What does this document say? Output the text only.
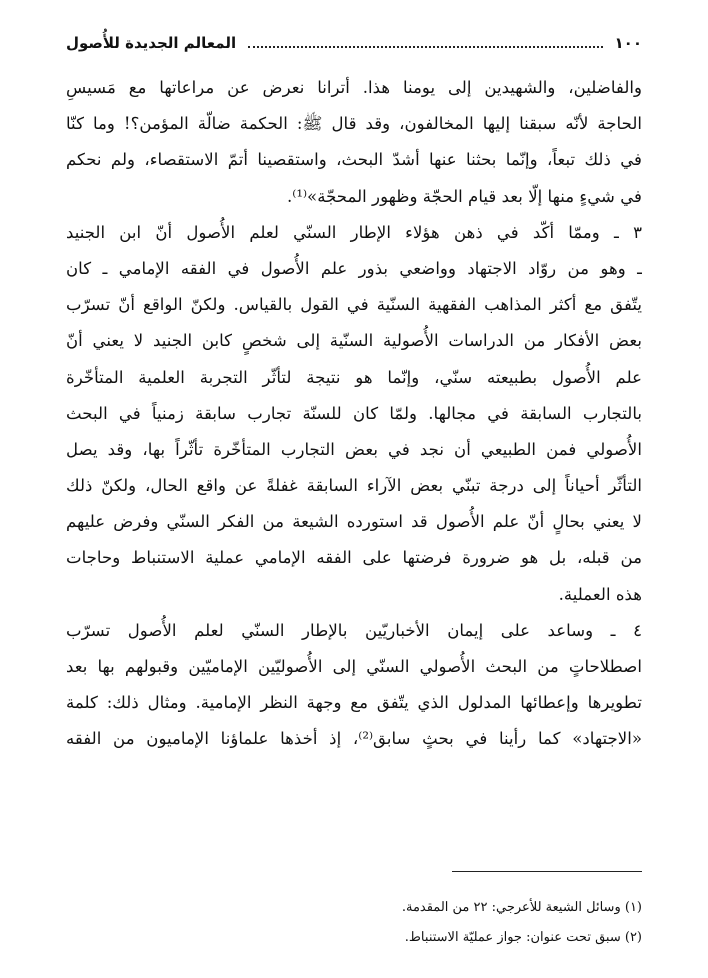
١٠٠
المعالم الجديدة للأُصول
والفاضلين، والشهيدين إلى يومنا هذا. أترانا نعرض عن مراعاتها مع مَسيسِ
الحاجة لأنّه سبقنا إليها المخالفون، وقد قال ﷺ: الحكمة ضالّة المؤمن؟! وما كنّا
في ذلك تبعاً، وإنّما بحثنا عنها أشدّ البحث، واستقصينا أتمّ الاستقصاء، ولم نحكم
في شيءٍ منها إلّا بعد قيام الحجّة وظهور المحجّة»⁽¹⁾.
٣ ـ وممّا أكّد في ذهن هؤلاء الإطار السنّي لعلم الأُصول أنّ ابن الجنيد
ـ وهو من روّاد الاجتهاد وواضعي بذور علم الأُصول في الفقه الإمامي ـ كان
يتّفق مع أكثر المذاهب الفقهية السنّية في القول بالقياس. ولكنّ الواقع أنّ تسرّب
بعض الأفكار من الدراسات الأُصولية السنّية إلى شخصٍ كابن الجنيد لا يعني أنّ
علم الأُصول بطبيعته سنّي، وإنّما هو نتيجة لتأثّر التجربة العلمية المتأخّرة
بالتجارب السابقة في مجالها. ولمّا كان للسنّة تجارب سابقة زمنياً في البحث
الأُصولي فمن الطبيعي أن نجد في بعض التجارب المتأخّرة تأثّراً بها، وقد يصل
التأثّر أحياناً إلى درجة تبنّي بعض الآراء السابقة غفلةً عن واقع الحال، ولكنّ ذلك
لا يعني بحالٍ أنّ علم الأُصول قد استورده الشيعة من الفكر السنّي وفرض عليهم
من قبله، بل هو ضرورة فرضتها على الفقه الإمامي عملية الاستنباط وحاجات
هذه العملية.
٤ ـ وساعد على إيمان الأخباريّين بالإطار السنّي لعلم الأُصول تسرّب
اصطلاحاتٍ من البحث الأُصولي السنّي إلى الأُصوليّين الإماميّين وقبولهم بها بعد
تطويرها وإعطائها المدلول الذي يتّفق مع وجهة النظر الإمامية. ومثال ذلك: كلمة
«الاجتهاد» كما رأينا في بحثٍ سابق⁽²⁾، إذ أخذها علماؤنا الإماميون من الفقه
(١) وسائل الشيعة للأعرجي: ٢٢ من المقدمة.
(٢) سبق تحت عنوان: جواز عمليّة الاستنباط.
